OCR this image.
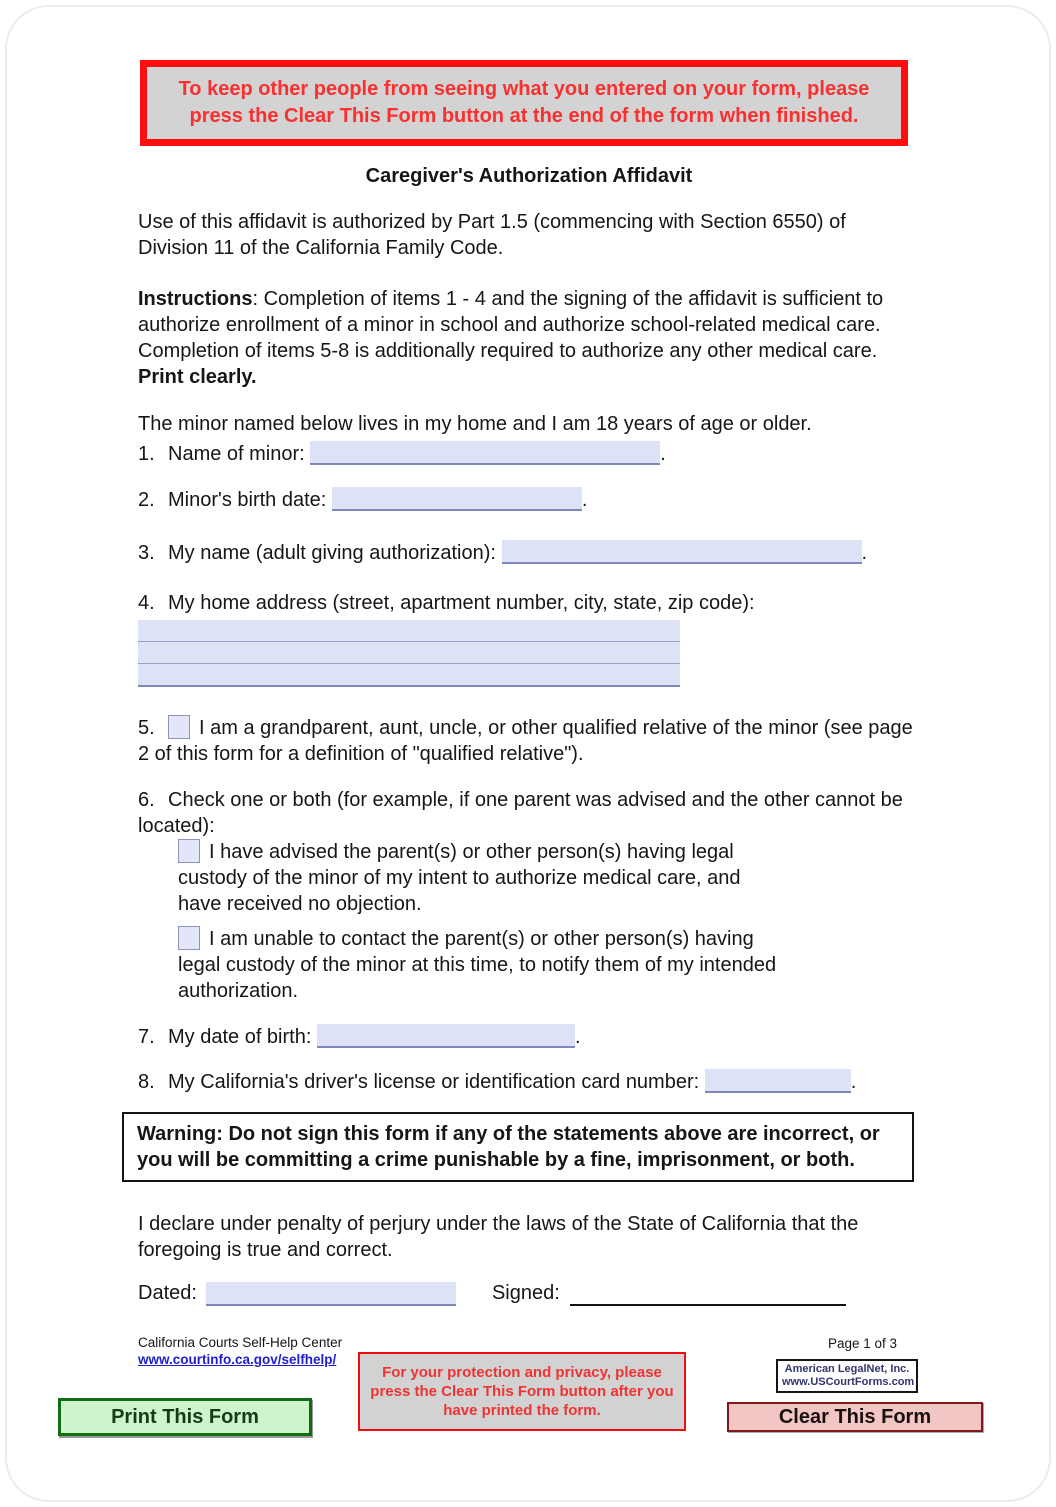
To keep other people from seeing what you entered on your form, please press the Clear This Form button at the end of the form when finished.

Caregiver's Authorization Affidavit

Use of this affidavit is authorized by Part 1.5 (commencing with Section 6550) of Division 11 of the California Family Code.

Instructions: Completion of items 1 - 4 and the signing of the affidavit is sufficient to authorize enrollment of a minor in school and authorize school-related medical care. Completion of items 5-8 is additionally required to authorize any other medical care. Print clearly.

The minor named below lives in my home and I am 18 years of age or older.

1. Name of minor:	.
2. Minor's birth date:	.
3. My name (adult giving authorization):	.
4. My home address (street, apartment number, city, state, zip code):
5. I am a grandparent, aunt, uncle, or other qualified relative of the minor (see page 2 of this form for a definition of "qualified relative").
6. Check one or both (for example, if one parent was advised and the other cannot be located):
I have advised the parent(s) or other person(s) having legal custody of the minor of my intent to authorize medical care, and have received no objection.
I am unable to contact the parent(s) or other person(s) having legal custody of the minor at this time, to notify them of my intended authorization.
7. My date of birth:	.
8. My California's driver's license or identification card number:	.
Warning: Do not sign this form if any of the statements above are incorrect, or you will be committing a crime punishable by a fine, imprisonment, or both.

I declare under penalty of perjury under the laws of the State of California that the foregoing is true and correct.

Dated:	Signed:
California Courts Self-Help Center
www.courtinfo.ca.gov/selfhelp/
Page 1 of 3
American LegalNet, Inc.
www.USCourtForms.com
For your protection and privacy, please press the Clear This Form button after you have printed the form.
Print This Form	Clear This Form
